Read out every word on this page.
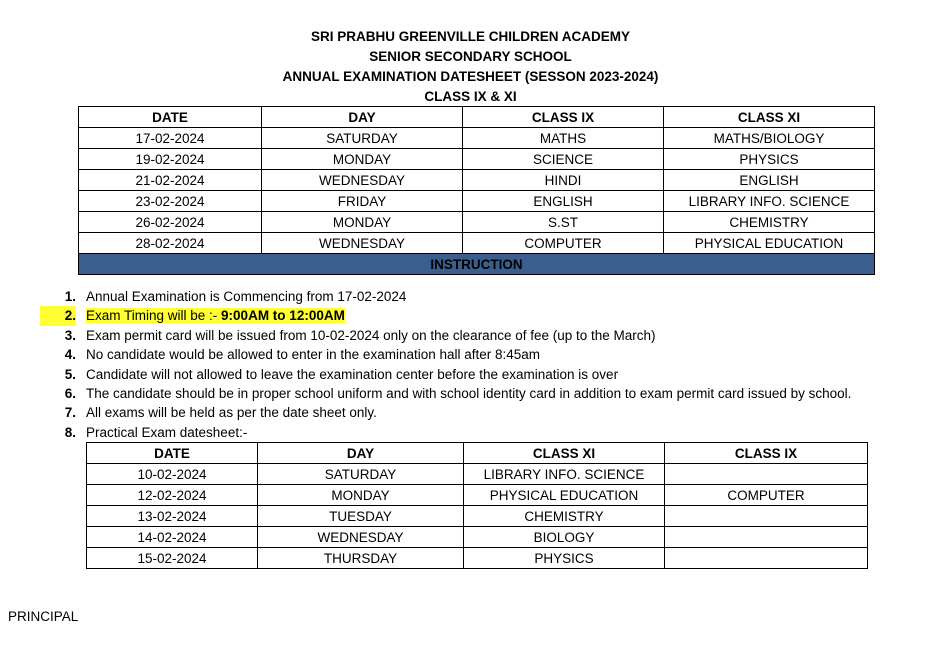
SRI PRABHU GREENVILLE CHILDREN ACADEMY
SENIOR SECONDARY SCHOOL
ANNUAL EXAMINATION DATESHEET (SESSON 2023-2024)
CLASS IX & XI
DATE	DAY	CLASS IX	CLASS XI
17-02-2024	SATURDAY	MATHS	MATHS/BIOLOGY
19-02-2024	MONDAY	SCIENCE	PHYSICS
21-02-2024	WEDNESDAY	HINDI	ENGLISH
23-02-2024	FRIDAY	ENGLISH	LIBRARY INFO. SCIENCE
26-02-2024	MONDAY	S.ST	CHEMISTRY
28-02-2024	WEDNESDAY	COMPUTER	PHYSICAL EDUCATION
INSTRUCTION			
1. Annual Examination is Commencing from 17-02-2024
2. Exam Timing will be :- 9:00AM to 12:00AM
3. Exam permit card will be issued from 10-02-2024 only on the clearance of fee (up to the March)
4. No candidate would be allowed to enter in the examination hall after 8:45am
5. Candidate will not allowed to leave the examination center before the examination is over
6. The candidate should be in proper school uniform and with school identity card in addition to exam permit card issued by school.
7. All exams will be held as per the date sheet only.
8. Practical Exam datesheet:-
DATE	DAY	CLASS XI	CLASS IX
10-02-2024	SATURDAY	LIBRARY INFO. SCIENCE	
12-02-2024	MONDAY	PHYSICAL EDUCATION	COMPUTER
13-02-2024	TUESDAY	CHEMISTRY	
14-02-2024	WEDNESDAY	BIOLOGY	
15-02-2024	THURSDAY	PHYSICS	
PRINCIPAL
